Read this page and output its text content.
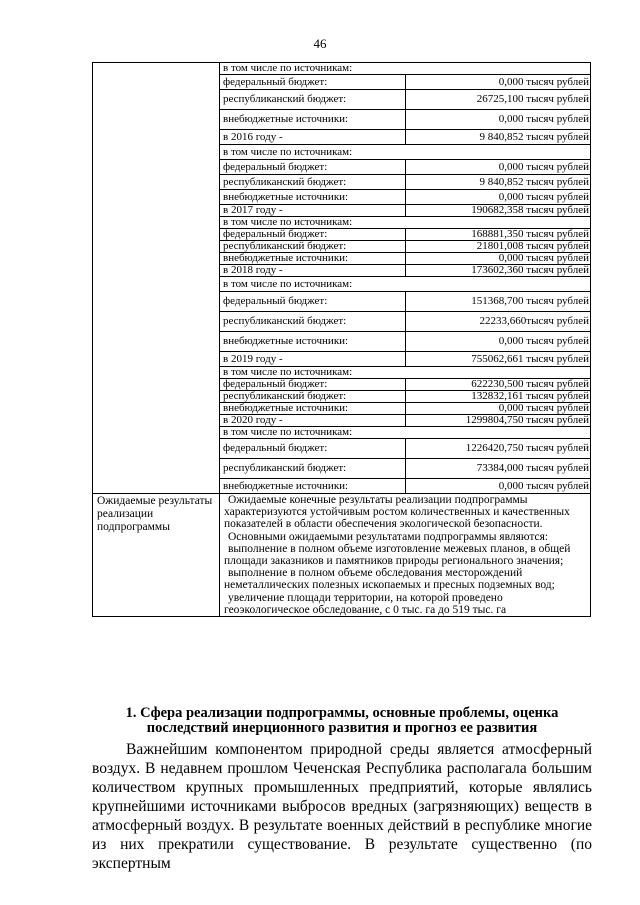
46

в том числе по источникам:
федеральный бюджет:	0,000 тысяч рублей
республиканский бюджет:	26725,100 тысяч рублей
внебюджетные источники:	0,000 тысяч рублей
в 2016 году -	9 840,852 тысяч рублей
в том числе по источникам:
федеральный бюджет:	0,000 тысяч рублей
республиканский бюджет:	9 840,852 тысяч рублей
внебюджетные источники:	0,000 тысяч рублей
в 2017 году -	190682,358 тысяч рублей
в том числе по источникам:
федеральный бюджет:	168881,350 тысяч рублей
республиканский бюджет:	21801,008 тысяч рублей
внебюджетные источники:	0,000 тысяч рублей
в 2018 году -	173602,360 тысяч рублей
в том числе по источникам:
федеральный бюджет:	151368,700 тысяч рублей
республиканский бюджет:	22233,660тысяч рублей
внебюджетные источники:	0,000 тысяч рублей
в 2019 году -	755062,661 тысяч рублей
в том числе по источникам:
федеральный бюджет:	622230,500 тысяч рублей
республиканский бюджет:	132832,161 тысяч рублей
внебюджетные источники:	0,000 тысяч рублей
в 2020 году -	1299804,750 тысяч рублей
в том числе по источникам:
федеральный бюджет:	1226420,750 тысяч рублей
республиканский бюджет:	73384,000 тысяч рублей
внебюджетные источники:	0,000 тысяч рублей

Ожидаемые результаты реализации подпрограммы

Ожидаемые конечные результаты реализации подпрограммы характеризуются устойчивым ростом количественных и качественных показателей в области обеспечения экологической безопасности.

Основными ожидаемыми результатами подпрограммы являются:

выполнение в полном объеме изготовление межевых планов, в общей площади заказников и памятников природы регионального значения;

выполнение в полном объеме обследования месторождений неметаллических полезных ископаемых и пресных подземных вод;

увеличение площади территории, на которой проведено геоэкологическое обследование, с 0 тыс. га до 519 тыс. га

1. Сфера реализации подпрограммы, основные проблемы, оценка последствий инерционного развития и прогноз ее развития

Важнейшим компонентом природной среды является атмосферный воздух. В недавнем прошлом Чеченская Республика располагала большим количеством крупных промышленных предприятий, которые являлись крупнейшими источниками выбросов вредных (загрязняющих) веществ в атмосферный воздух. В результате военных действий в республике многие из них прекратили существование. В результате существенно (по экспертным
